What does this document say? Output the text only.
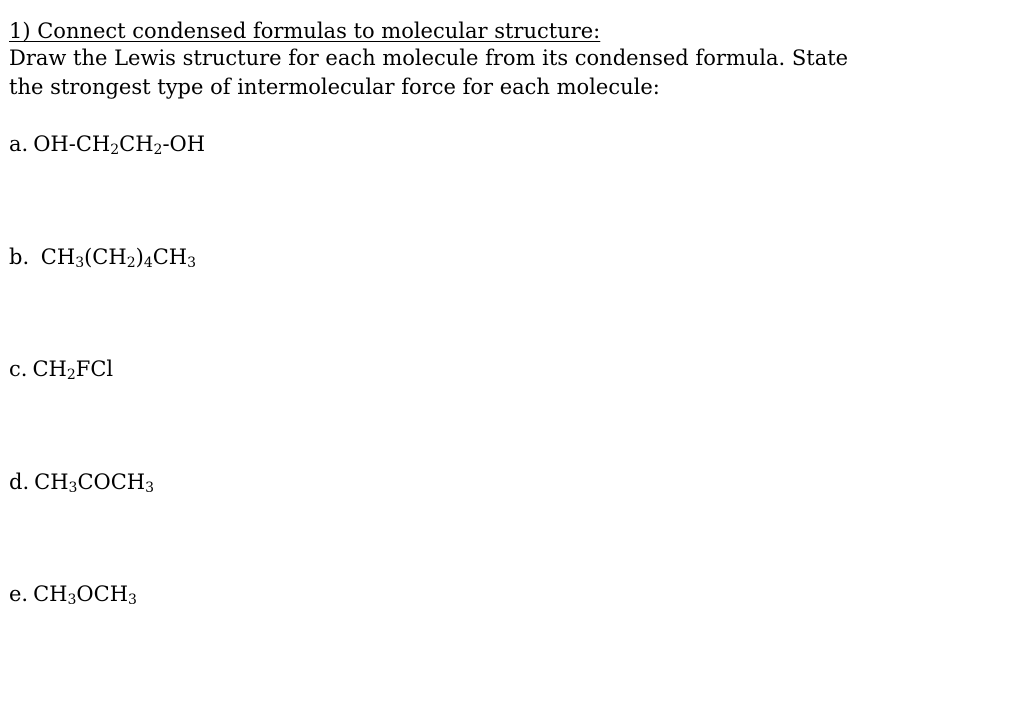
1) Connect condensed formulas to molecular structure:
Draw the Lewis structure for each molecule from its condensed formula. State the strongest type of intermolecular force for each molecule:
a. $OH-CH_2CH_2-OH$
b. $CH_3(CH_2)_4CH_3$
c. $CH_2FCl$
d. $CH_3COCH_3$
e. $CH_3OCH_3$
